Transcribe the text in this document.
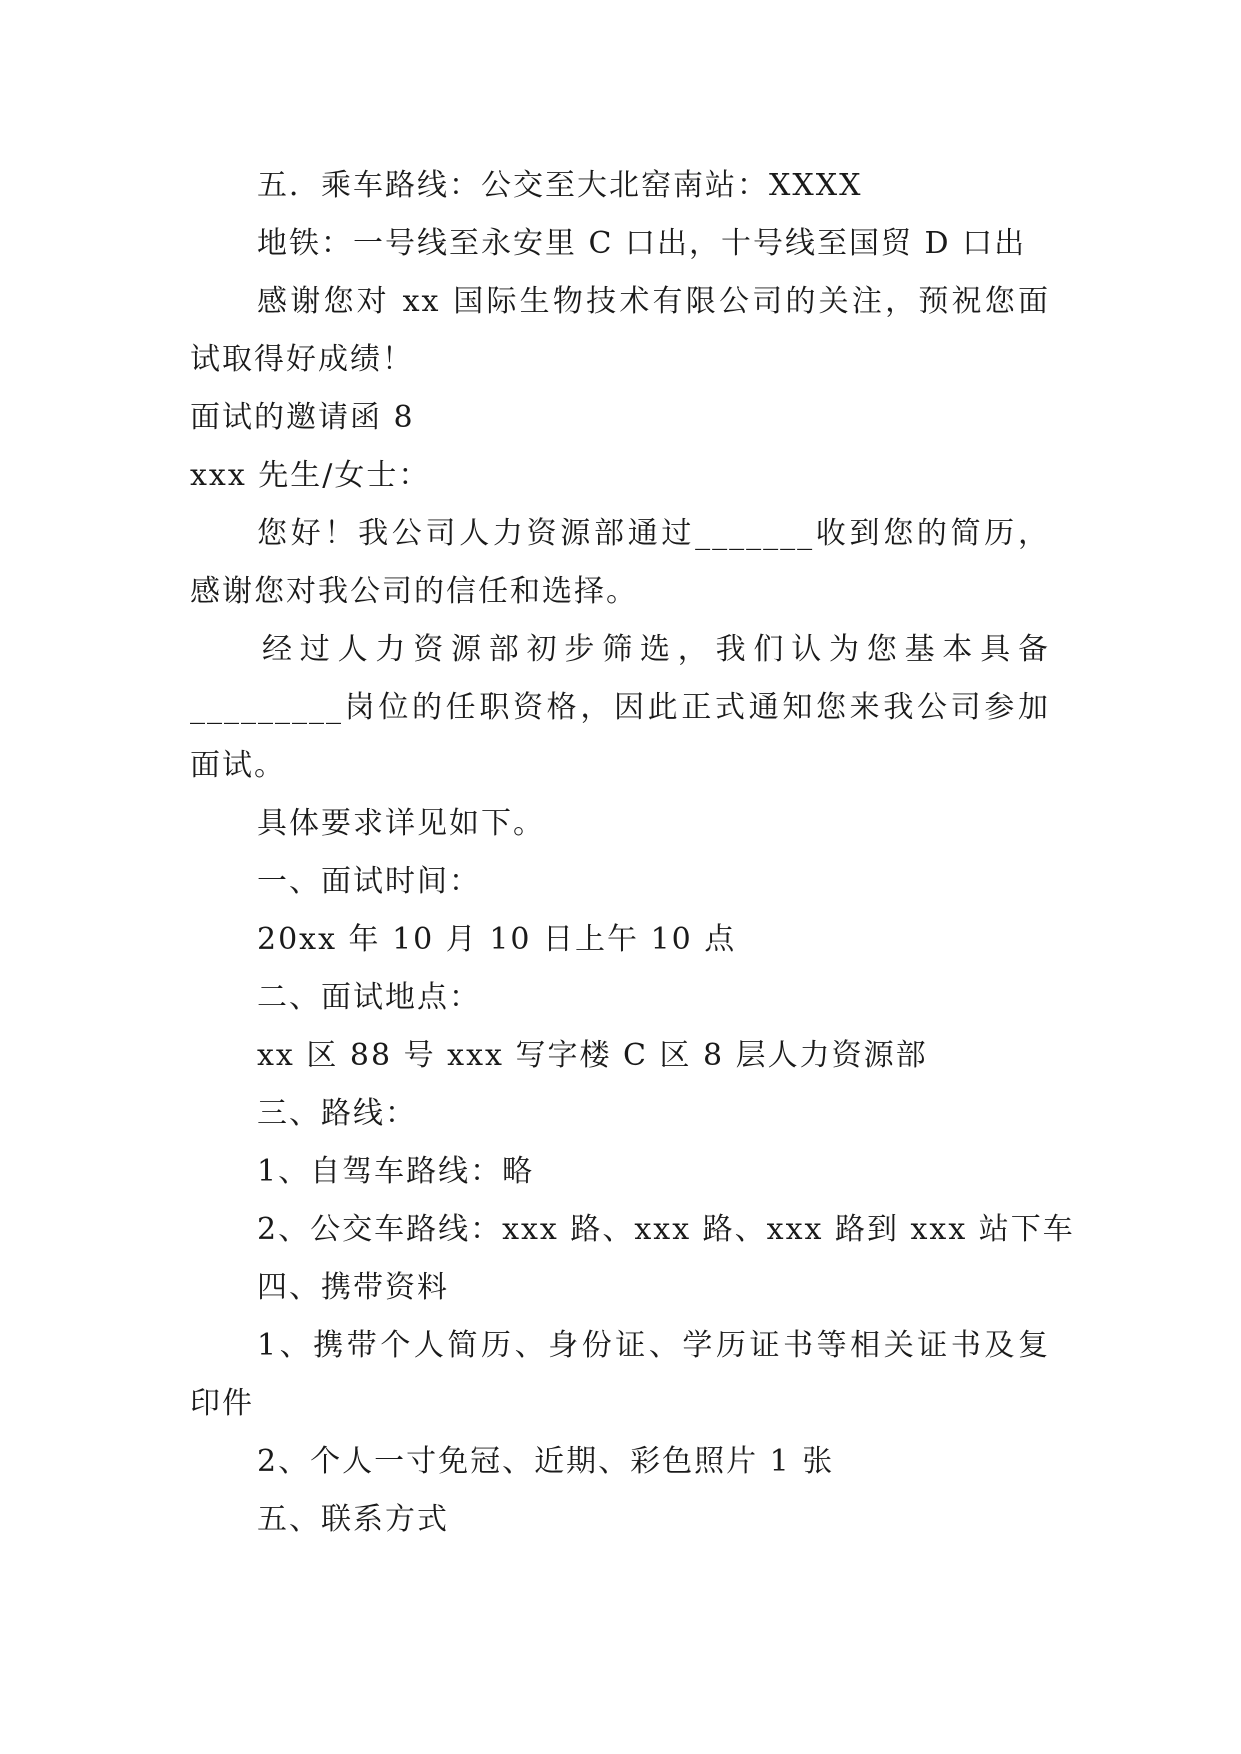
五．乘车路线：公交至大北窑南站：XXXX
地铁：一号线至永安里 C 口出，十号线至国贸 D 口出
感谢您对 xx 国际生物技术有限公司的关注，预祝您面
试取得好成绩！
面试的邀请函 8
xxx 先生/女士：
您好！我公司人力资源部通过_______收到您的简历，
感谢您对我公司的信任和选择。
经过人力资源部初步筛选，我们认为您基本具备
_________岗位的任职资格，因此正式通知您来我公司参加
面试。
具体要求详见如下。
一、面试时间：
20xx 年 10 月 10 日上午 10 点
二、面试地点：
xx 区 88 号 xxx 写字楼 C 区 8 层人力资源部
三、路线：
1、自驾车路线：略
2、公交车路线：xxx 路、xxx 路、xxx 路到 xxx 站下车
四、携带资料
1、携带个人简历、身份证、学历证书等相关证书及复
印件
2、个人一寸免冠、近期、彩色照片 1 张
五、联系方式
